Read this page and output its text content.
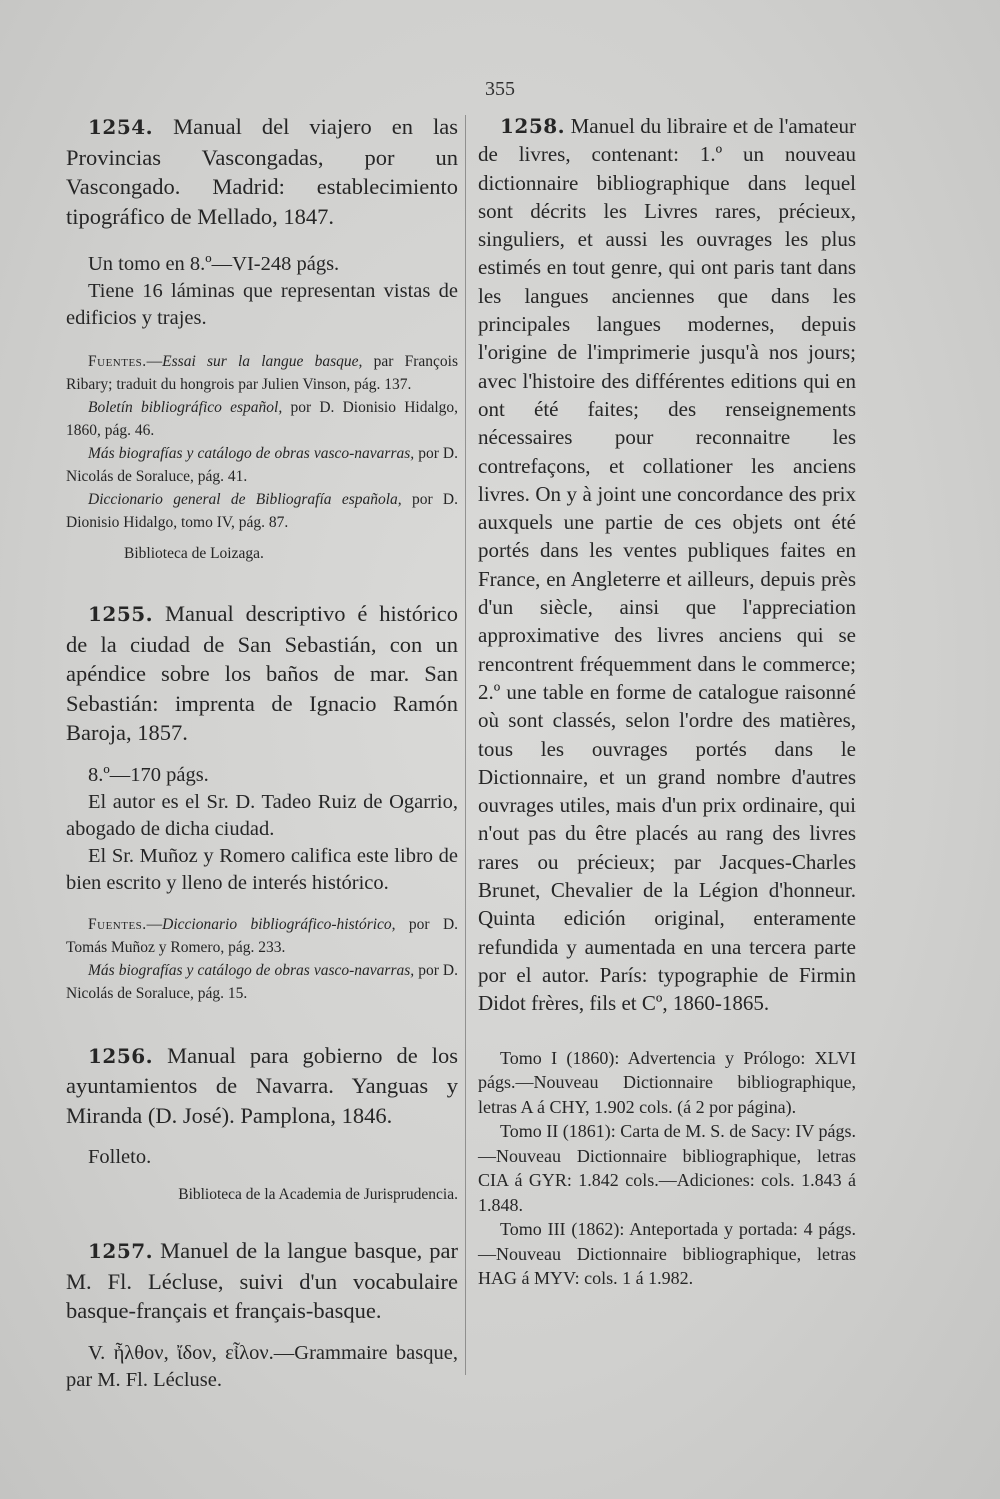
355

1254. Manual del viajero en las Provincias Vascongadas, por un Vascongado. Madrid: establecimiento tipográfico de Mellado, 1847.

Un tomo en 8.º—VI-248 págs.

Tiene 16 láminas que representan vistas de edificios y trajes.

Fuentes.—Essai sur la langue basque, par François Ribary; traduit du hongrois par Julien Vinson, pág. 137.

Boletín bibliográfico español, por D. Dionisio Hidalgo, 1860, pág. 46.

Más biografías y catálogo de obras vasco-navarras, por D. Nicolás de Soraluce, pág. 41.

Diccionario general de Bibliografía española, por D. Dionisio Hidalgo, tomo IV, pág. 87.

Biblioteca de Loizaga.

1255. Manual descriptivo é histórico de la ciudad de San Sebastián, con un apéndice sobre los baños de mar. San Sebastián: imprenta de Ignacio Ramón Baroja, 1857.

8.º—170 págs.

El autor es el Sr. D. Tadeo Ruiz de Ogarrio, abogado de dicha ciudad.

El Sr. Muñoz y Romero califica este libro de bien escrito y lleno de interés histórico.

Fuentes.—Diccionario bibliográfico-histórico, por D. Tomás Muñoz y Romero, pág. 233.

Más biografías y catálogo de obras vasco-navarras, por D. Nicolás de Soraluce, pág. 15.

1256. Manual para gobierno de los ayuntamientos de Navarra. Yanguas y Miranda (D. José). Pamplona, 1846.

Folleto.

Biblioteca de la Academia de Jurisprudencia.

1257. Manuel de la langue basque, par M. Fl. Lécluse, suivi d'un vocabulaire basque-français et français-basque.

V. ἦλθον, ἴδον, εἶλον.—Grammaire basque, par M. Fl. Lécluse.

1258. Manuel du libraire et de l'amateur de livres, contenant: 1.º un nouveau dictionnaire bibliographique dans lequel sont décrits les Livres rares, précieux, singuliers, et aussi les ouvrages les plus estimés en tout genre, qui ont paris tant dans les langues anciennes que dans les principales langues modernes, depuis l'origine de l'imprimerie jusqu'à nos jours; avec l'histoire des différentes editions qui en ont été faites; des renseignements nécessaires pour reconnaitre les contrefaçons, et collationer les anciens livres. On y à joint une concordance des prix auxquels une partie de ces objets ont été portés dans les ventes publiques faites en France, en Angleterre et ailleurs, depuis près d'un siècle, ainsi que l'appreciation approximative des livres anciens qui se rencontrent fréquemment dans le commerce; 2.º une table en forme de catalogue raisonné où sont classés, selon l'ordre des matières, tous les ouvrages portés dans le Dictionnaire, et un grand nombre d'autres ouvrages utiles, mais d'un prix ordinaire, qui n'out pas du être placés au rang des livres rares ou précieux; par Jacques-Charles Brunet, Chevalier de la Légion d'honneur. Quinta edición original, enteramente refundida y aumentada en una tercera parte por el autor. París: typographie de Firmin Didot frères, fils et Cº, 1860-1865.

Tomo I (1860): Advertencia y Prólogo: XLVI págs.—Nouveau Dictionnaire bibliographique, letras A á CHY, 1.902 cols. (á 2 por página).

Tomo II (1861): Carta de M. S. de Sacy: IV págs.—Nouveau Dictionnaire bibliographique, letras CIA á GYR: 1.842 cols.—Adiciones: cols. 1.843 á 1.848.

Tomo III (1862): Anteportada y portada: 4 págs.—Nouveau Dictionnaire bibliographique, letras HAG á MYV: cols. 1 á 1.982.
